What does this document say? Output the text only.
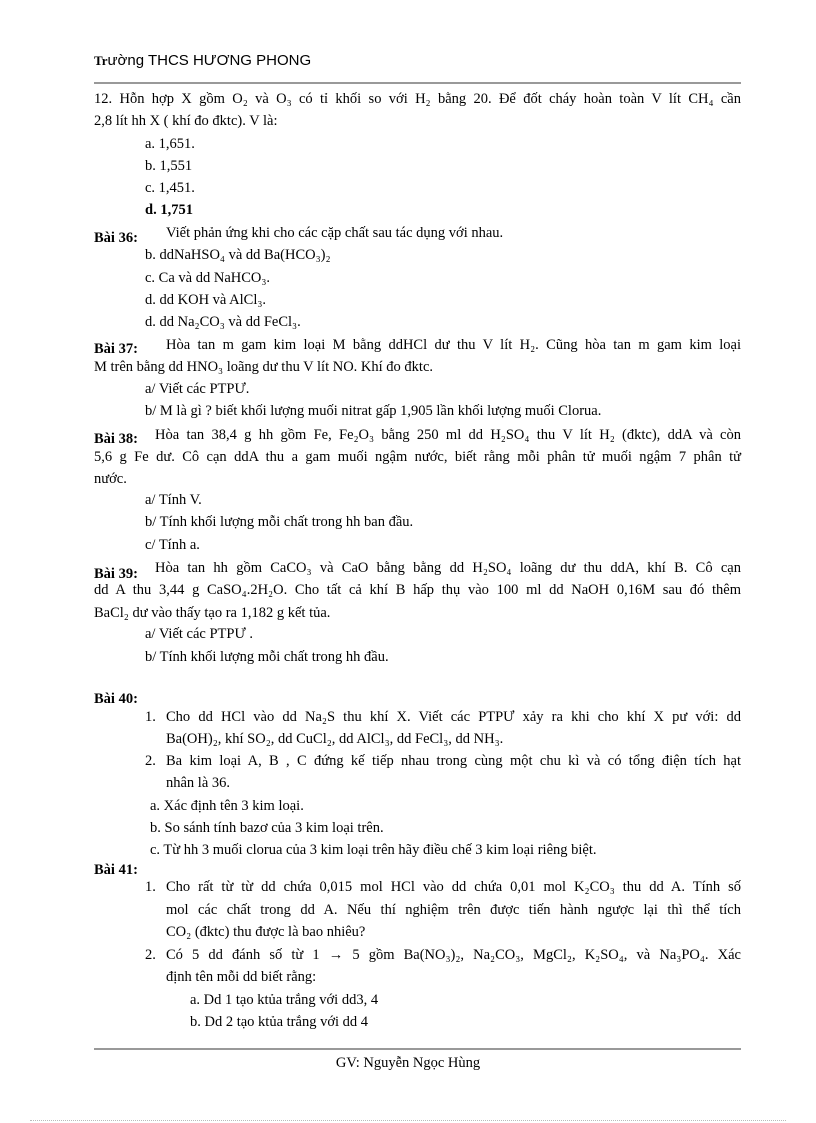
Trường THCS HƯƠNG PHONG
12. Hỗn hợp X gồm O₂ và O₃ có tỉ khối so với H₂ bằng 20. Để đốt cháy hoàn toàn V lít CH₄ cần
2,8 lít hh X ( khí đo đktc). V là:
a. 1,651.
b. 1,551
c. 1,451.
d. 1,751
Bài 36: Viết phản ứng khi cho các cặp chất sau tác dụng với nhau.
b. ddNaHSO₄ và dd Ba(HCO₃)₂
c. Ca và dd NaHCO₃.
d. dd KOH và AlCl₃.
d. dd Na₂CO₃ và dd FeCl₃.
Bài 37: Hòa tan m gam kim loại M bằng ddHCl dư thu V lít H₂. Cũng hòa tan m gam kim loại
M trên bằng dd HNO₃ loãng dư thu V lít NO. Khí đo đktc.
a/ Viết các PTPƯ.
b/ M là gì ? biết khối lượng muối nitrat gấp 1,905 lần khối lượng muối Clorua.
Bài 38: Hòa tan 38,4 g hh gồm Fe, Fe₂O₃ bằng 250 ml dd H₂SO₄ thu V lít H₂ (đktc), ddA và còn
5,6 g Fe dư. Cô cạn ddA thu a gam muối ngậm nước, biết rằng mỗi phân tử muối ngậm 7 phân tử
nước.
a/ Tính V.
b/ Tính khối lượng mỗi chất trong hh ban đầu.
c/ Tính a.
Bài 39: Hòa tan hh gồm CaCO₃ và CaO bằng bằng dd H₂SO₄ loãng dư thu ddA, khí B. Cô cạn
dd A thu 3,44 g CaSO₄.2H₂O. Cho tất cả khí B hấp thụ vào 100 ml dd NaOH 0,16M sau đó thêm
BaCl₂ dư vào thấy tạo ra 1,182 g kết tủa.
a/ Viết các PTPƯ .
b/ Tính khối lượng mỗi chất trong hh đầu.
Bài 40:
1. Cho dd HCl vào dd Na₂S thu khí X. Viết các PTPƯ xảy ra khi cho khí X pư với: dd
Ba(OH)₂, khí SO₂, dd CuCl₂, dd AlCl₃, dd FeCl₃, dd NH₃.
2. Ba kim loại A, B , C đứng kế tiếp nhau trong cùng một chu kì và có tổng điện tích hạt
nhân là 36.
a. Xác định tên 3 kim loại.
b. So sánh tính bazơ của 3 kim loại trên.
c. Từ hh 3 muối clorua của 3 kim loại trên hãy điều chế 3 kim loại riêng biệt.
Bài 41:
1. Cho rất từ từ dd chứa 0,015 mol HCl vào dd chứa 0,01 mol K₂CO₃ thu dd A. Tính số
mol các chất trong dd A. Nếu thí nghiệm trên được tiến hành ngược lại thì thể tích
CO₂ (đktc) thu được là bao nhiêu?
2. Có 5 dd đánh số từ 1 → 5 gồm Ba(NO₃)₂, Na₂CO₃, MgCl₂, K₂SO₄, và Na₃PO₄. Xác
định tên mỗi dd biết rằng:
a. Dd 1 tạo ktủa trắng với dd3, 4
b. Dd 2 tạo ktủa trắng với dd 4
GV: Nguyễn Ngọc Hùng
